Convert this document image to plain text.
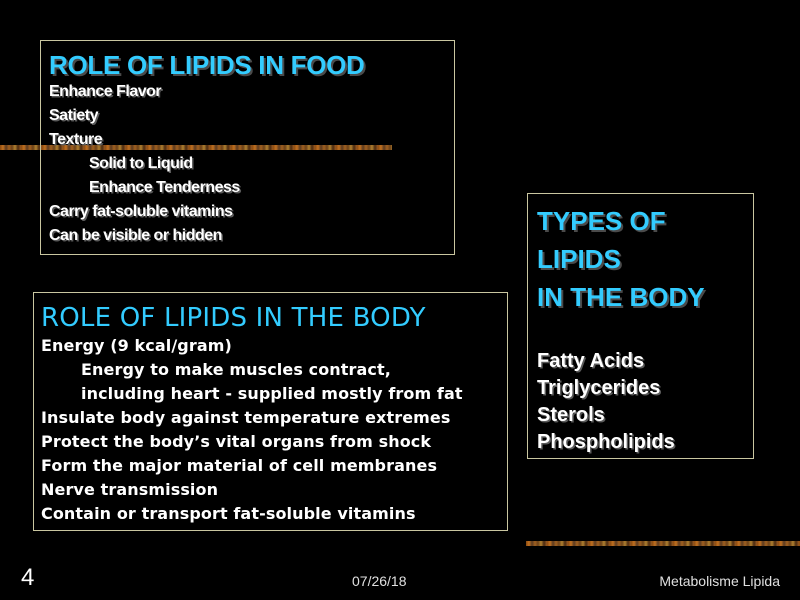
ROLE OF LIPIDS IN FOOD
Enhance Flavor
Satiety
Texture
Solid to Liquid
Enhance Tenderness
Carry fat-soluble vitamins
Can be visible or hidden
ROLE OF LIPIDS IN THE BODY
Energy (9 kcal/gram)
Energy to make muscles contract,
including heart - supplied mostly from fat
Insulate body against temperature extremes
Protect the body’s vital organs from shock
Form the major material of cell membranes
Nerve transmission
Contain or transport fat-soluble vitamins
TYPES OF
LIPIDS
IN THE BODY
Fatty Acids
Triglycerides
Sterols
Phospholipids
4	07/26/18	Metabolisme Lipida
